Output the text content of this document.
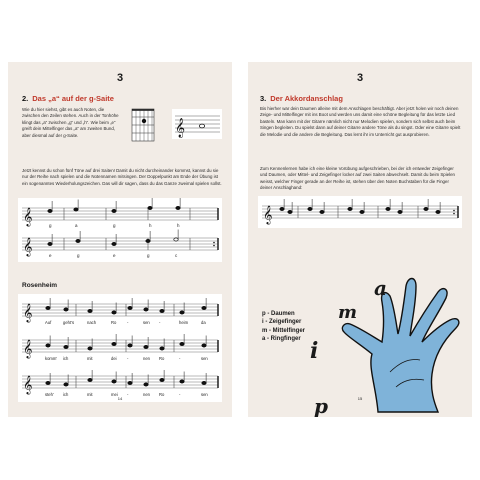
3
2. Das „a“ auf der g-Saite
Wie du hier siehst, gibt es auch Noten, die zwischen den Zeilen stehen. Auch in der Tonhöhe klingt das „a“ zwischen „g“ und „h“. Wie beim „e“ greift dein Mittelfinger das „a“ am zweiten Bund, aber diesmal auf der g-Saite.	𝄞
Jetzt kennst du schon fünf Töne auf drei Saiten! Damit du nicht durcheinander kommst, kannst du sie nur der Reihe nach spielen und die Notennamen mitsingen. Der Doppelpunkt am Ende der Übung ist ein sogenanntes Wiederholungszeichen. Das will dir sagen, dass du das Ganze zweimal spielen sollst.
𝄞
𝄞
g	a	g	h	h
e	g	e	g	c
Rosenheim
𝄞
Auf	geht's	nach	Ro	-	sen -	heim	da
𝄞
komm' ich	mit	dei -	nen Ro	-	sen
𝄞
steh' ich	mit	mei -	nen Ro	-	sen
14
3
3. Der Akkordanschlag
Bis hierher war dein Daumen alleine mit dem Anschlagen beschäftigt. Aber jetzt holen wir noch deinen Zeige- und Mittelfinger mit ins Boot und werden uns damit eine schöne Begleitung für das letzte Lied basteln. Man kann mit der Gitarre nämlich nicht nur Melodien spielen, sondern sich selbst auch beim Singen begleiten. Du spielst dann auf deiner Gitarre andere Töne als du singst. Oder eine Gitarre spielt die Melodie und die andere die Begleitung. Das lernt ihr im Unterricht gut ausprobieren.
Zum Kennenlernen habe ich eine kleine Vorübung aufgeschrieben, bei der ich entweder Zeigefinger und Daumen, oder Mittel- und Zeigefinger locker auf zwei Saiten abwechselt. Damit du beim Spielen weisst, welcher Finger gerade an der Reihe ist, stehen über den Noten Buchstaben für die Finger deiner Anschlaghand:
𝄞
p - Daumen
i - Zeigefinger
m - Mittelfinger
a - Ringfinger
a
m
i
p	15
